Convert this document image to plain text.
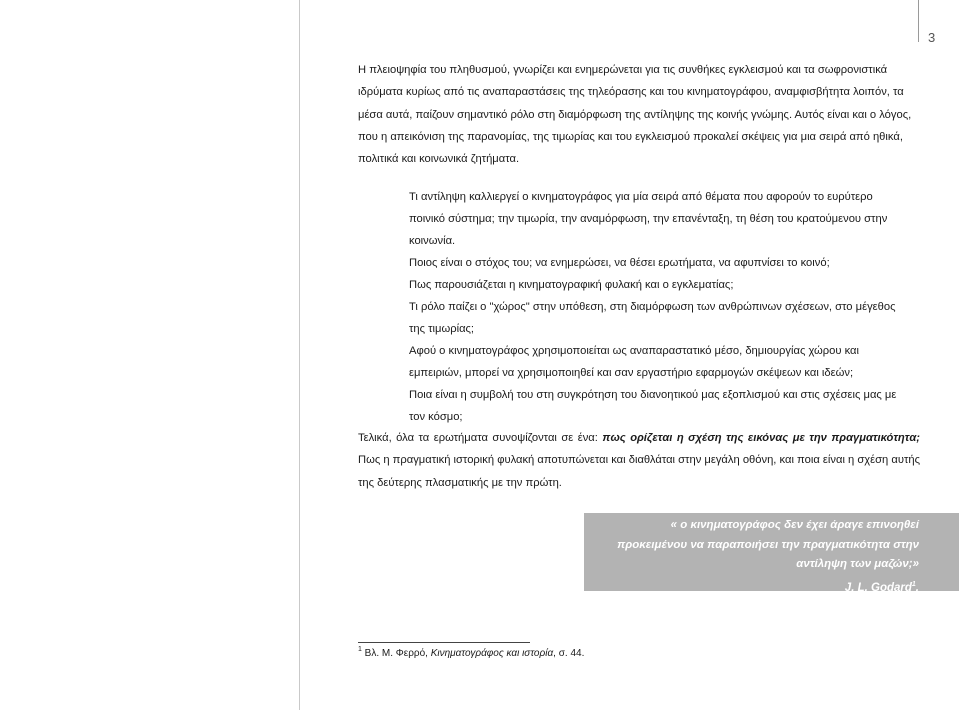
3
Η πλειοψηφία του πληθυσμού, γνωρίζει και ενημερώνεται για τις συνθήκες εγκλεισμού και τα σωφρονιστικά ιδρύματα κυρίως από τις αναπαραστάσεις της τηλεόρασης και του κινηματογράφου, αναμφισβήτητα λοιπόν, τα μέσα αυτά, παίζουν σημαντικό ρόλο στη διαμόρφωση της αντίληψης της κοινής γνώμης. Αυτός είναι και ο λόγος, που η απεικόνιση της παρανομίας, της τιμωρίας και του εγκλεισμού προκαλεί σκέψεις για μια σειρά από ηθικά, πολιτικά και κοινωνικά ζητήματα.

Τι αντίληψη καλλιεργεί ο κινηματογράφος για μία σειρά από θέματα που αφορούν το ευρύτερο ποινικό σύστημα; την τιμωρία, την αναμόρφωση, την επανένταξη, τη θέση του κρατούμενου στην κοινωνία.

Ποιος είναι ο στόχος του; να ενημερώσει, να θέσει ερωτήματα, να αφυπνίσει το κοινό;

Πως παρουσιάζεται η κινηματογραφική φυλακή και ο εγκλεματίας;

Τι ρόλο παίζει ο "χώρος" στην υπόθεση, στη διαμόρφωση των ανθρώπινων σχέσεων, στο μέγεθος της τιμωρίας;

Αφού ο κινηματογράφος χρησιμοποιείται ως αναπαραστατικό μέσο, δημιουργίας χώρου και εμπειριών, μπορεί να χρησιμοποιηθεί και σαν εργαστήριο εφαρμογών σκέψεων και ιδεών;

Ποια είναι η συμβολή του στη συγκρότηση του διανοητικού μας εξοπλισμού και στις σχέσεις μας με τον κόσμο;

Τελικά, όλα τα ερωτήματα συνοψίζονται σε ένα: πως ορίζεται η σχέση της εικόνας με την πραγματικότητα; Πως η πραγματική ιστορική φυλακή αποτυπώνεται και διαθλάται στην μεγάλη οθόνη, και ποια είναι η σχέση αυτής της δεύτερης πλασματικής με την πρώτη.
« ο κινηματογράφος δεν έχει άραγε επινοηθεί
προκειμένου να παραποιήσει την πραγματικότητα στην
αντίληψη των μαζών;»
J. L. Godard$^1$.
$^1$ Βλ. Μ. Φερρό, Κινηματογράφος και ιστορία, σ. 44.
